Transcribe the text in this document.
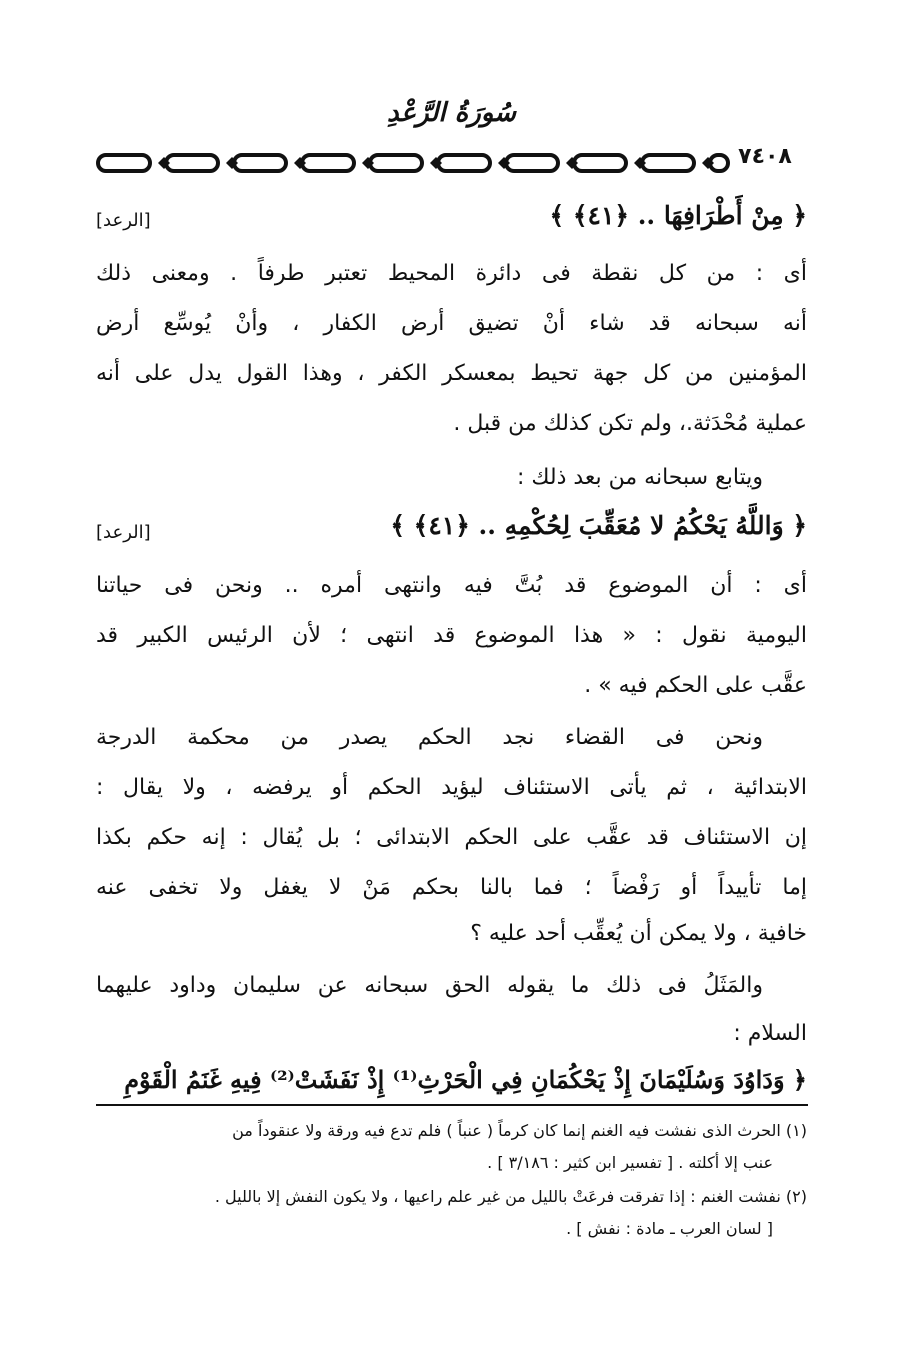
سُورَةُ الرَّعْدِ
٧٤٠٨
﴿ مِنْ أَطْرَافِهَا .. ﴿٤١﴾ ﴾
[الرعد]
أى : من كل نقطة فى دائرة المحيط تعتبر طرفاً . ومعنى ذلك
أنه سبحانه قد شاء أنْ تضيق أرض الكفار ، وأنْ يُوسِّع أرض
المؤمنين من كل جهة تحيط بمعسكر الكفر ، وهذا القول يدل على أنه
عملية مُحْدَثة.، ولم تكن كذلك من قبل .
ويتابع سبحانه من بعد ذلك :
﴿ وَاللَّهُ يَحْكُمُ لا مُعَقِّبَ لِحُكْمِهِ .. ﴿٤١﴾ ﴾
[الرعد]
أى : أن الموضوع قد بُتَّ فيه وانتهى أمره .. ونحن فى حياتنا
اليومية نقول : « هذا الموضوع قد انتهى ؛ لأن الرئيس الكبير قد
عقَّب على الحكم فيه » .
ونحن فى القضاء نجد الحكم يصدر من محكمة الدرجة
الابتدائية ، ثم يأتى الاستئناف ليؤيد الحكم أو يرفضه ، ولا يقال :
إن الاستئناف قد عقَّب على الحكم الابتدائى ؛ بل يُقال : إنه حكم بكذا
إما تأييداً أو رَفْضاً ؛ فما بالنا بحكم مَنْ لا يغفل ولا تخفى عنه
خافية ، ولا يمكن أن يُعقِّب أحد عليه ؟
والمَثَلُ فى ذلك ما يقوله الحق سبحانه عن سليمان وداود عليهما
السلام :
﴿ وَدَاوُدَ وَسُلَيْمَانَ إِذْ يَحْكُمَانِ فِي الْحَرْثِ⁽¹⁾ إِذْ نَفَشَتْ⁽²⁾ فِيهِ غَنَمُ الْقَوْمِ
(١) الحرث الذى نفشت فيه الغنم إنما كان كرماً ( عنباً ) فلم تدع فيه ورقة ولا عنقوداً من
عنب إلا أكلته . [ تفسير ابن كثير : ٣/١٨٦ ] .
(٢) نفشت الغنم : إذا تفرقت فرعَتْ بالليل من غير علم راعيها ، ولا يكون النفش إلا بالليل .
[ لسان العرب ـ مادة : نفش ] .
